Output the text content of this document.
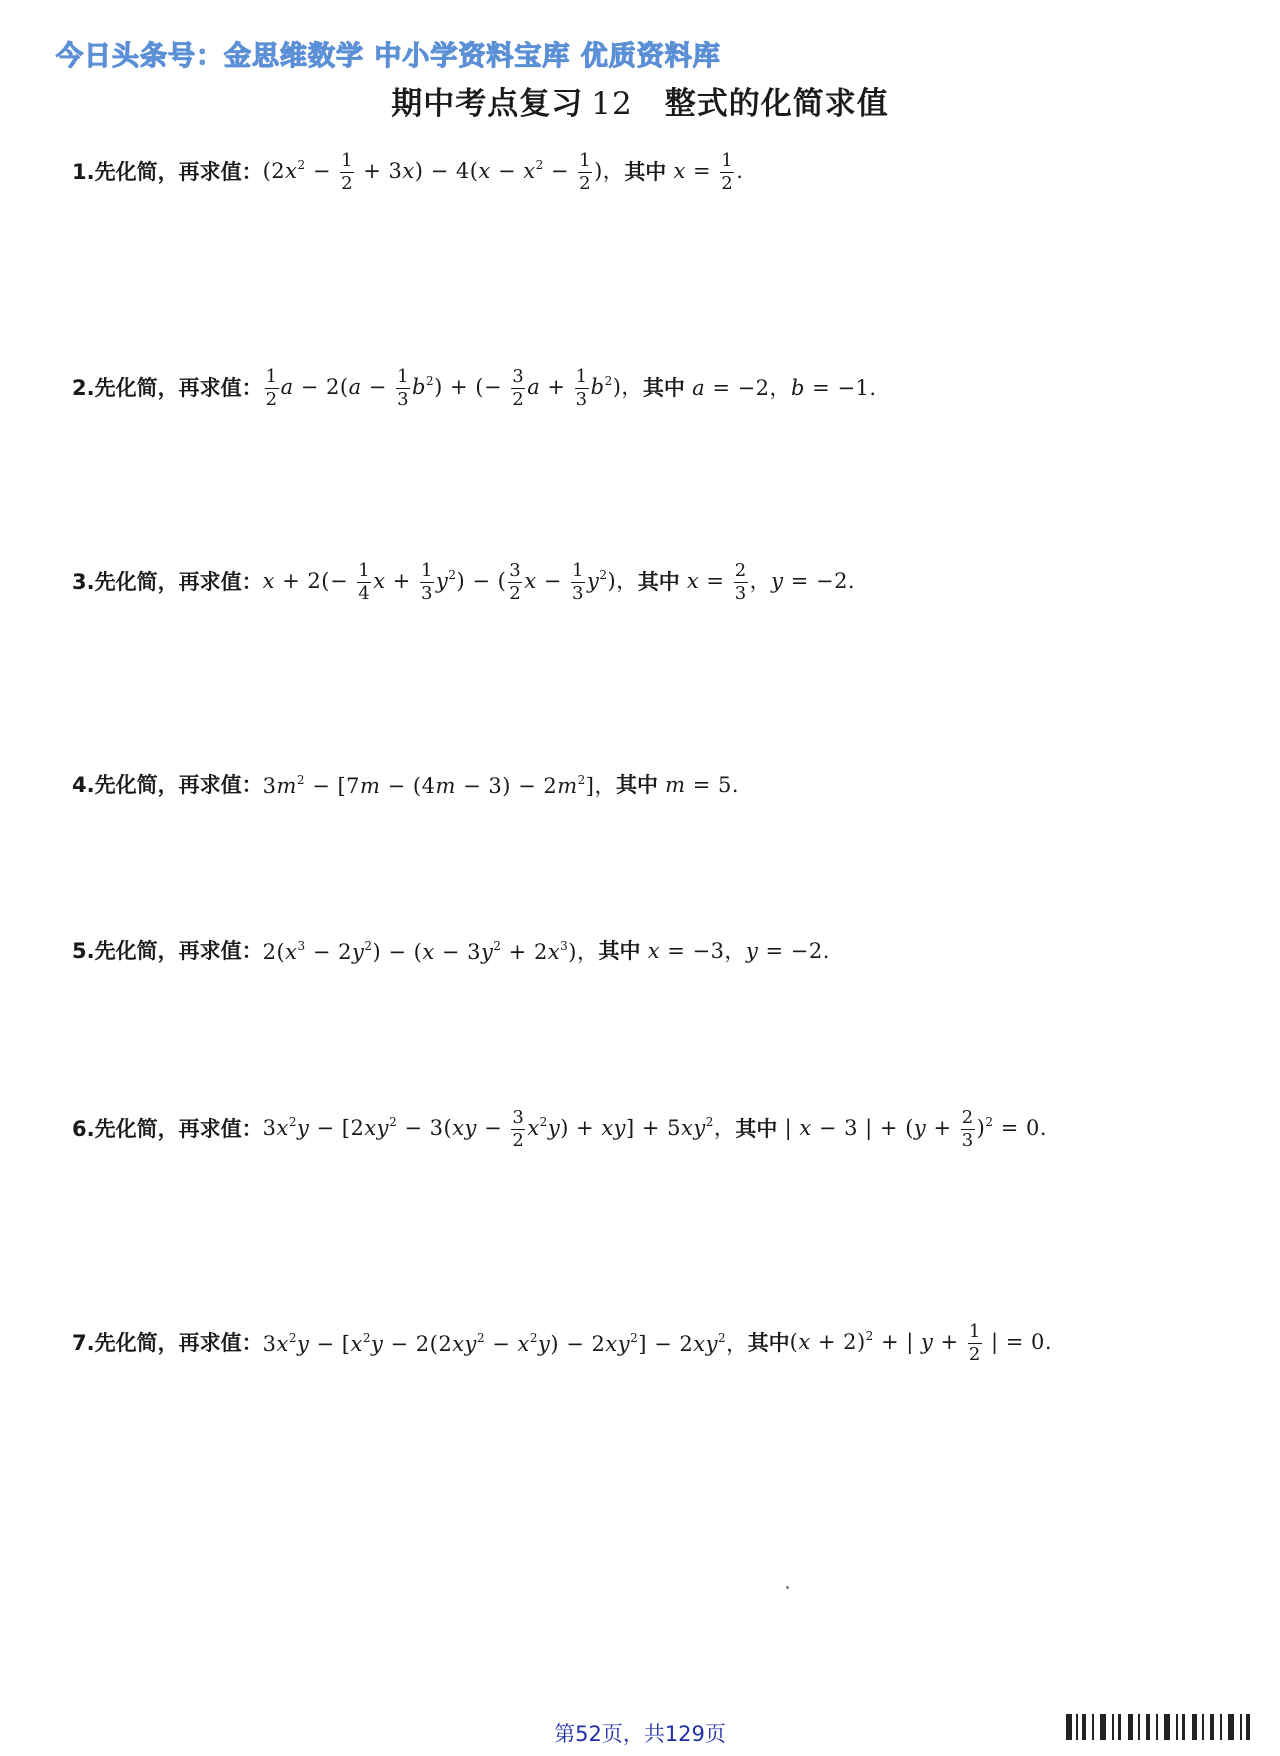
今日头条号：金思维数学 中小学资料宝库 优质资料库
期中考点复习 12 整式的化简求值
1 . 先化简，再求值： $(2x^2 - \frac{1}{2} + 3x) - 4(x - x^2 - \frac{1}{2}$ )， 其中 $x = \frac{1}{2}$ .
2 . 先化简，再求值： $\frac{1}{2}$ $a - 2(a - \frac{1}{3} b^2)$ + (− $\frac{3}{2}$ $a + \frac{1}{3} b^2$)， 其中 a = −2，b = −1.
3 . 先化简，再求值： $x + 2(- \frac{1}{4}$ $x + \frac{1}{3} y^2$) − ( $\frac{3}{2}$ $x - \frac{1}{3} y^2$)， 其中 $x = \frac{2}{3}$ ，y = −2.
4 . 先化简，再求值： $3m^2 - [7m - (4m - 3) - 2m^2]$， 其中 m = 5.
5 . 先化简，再求值： $2(x^3 - 2y^2) - (x - 3y^2 + 2x^3)$， 其中 x = −3，y = −2.
6 . 先化简，再求值： $3x^2y - [2xy^2 - 3(xy - \frac{3}{2} x^2y) + xy] + 5xy^2$， 其中 | x − 3 | + $(y + \frac{2}{3} )^2 = 0$.
7 . 先化简，再求值： $3x^2y - [x^2y - 2(2xy^2 - x^2y) - 2xy^2] - 2xy^2$， 其中 $(x + 2)^2$ + | $y + \frac{1}{2}$ | = 0.
第52页，共129页
